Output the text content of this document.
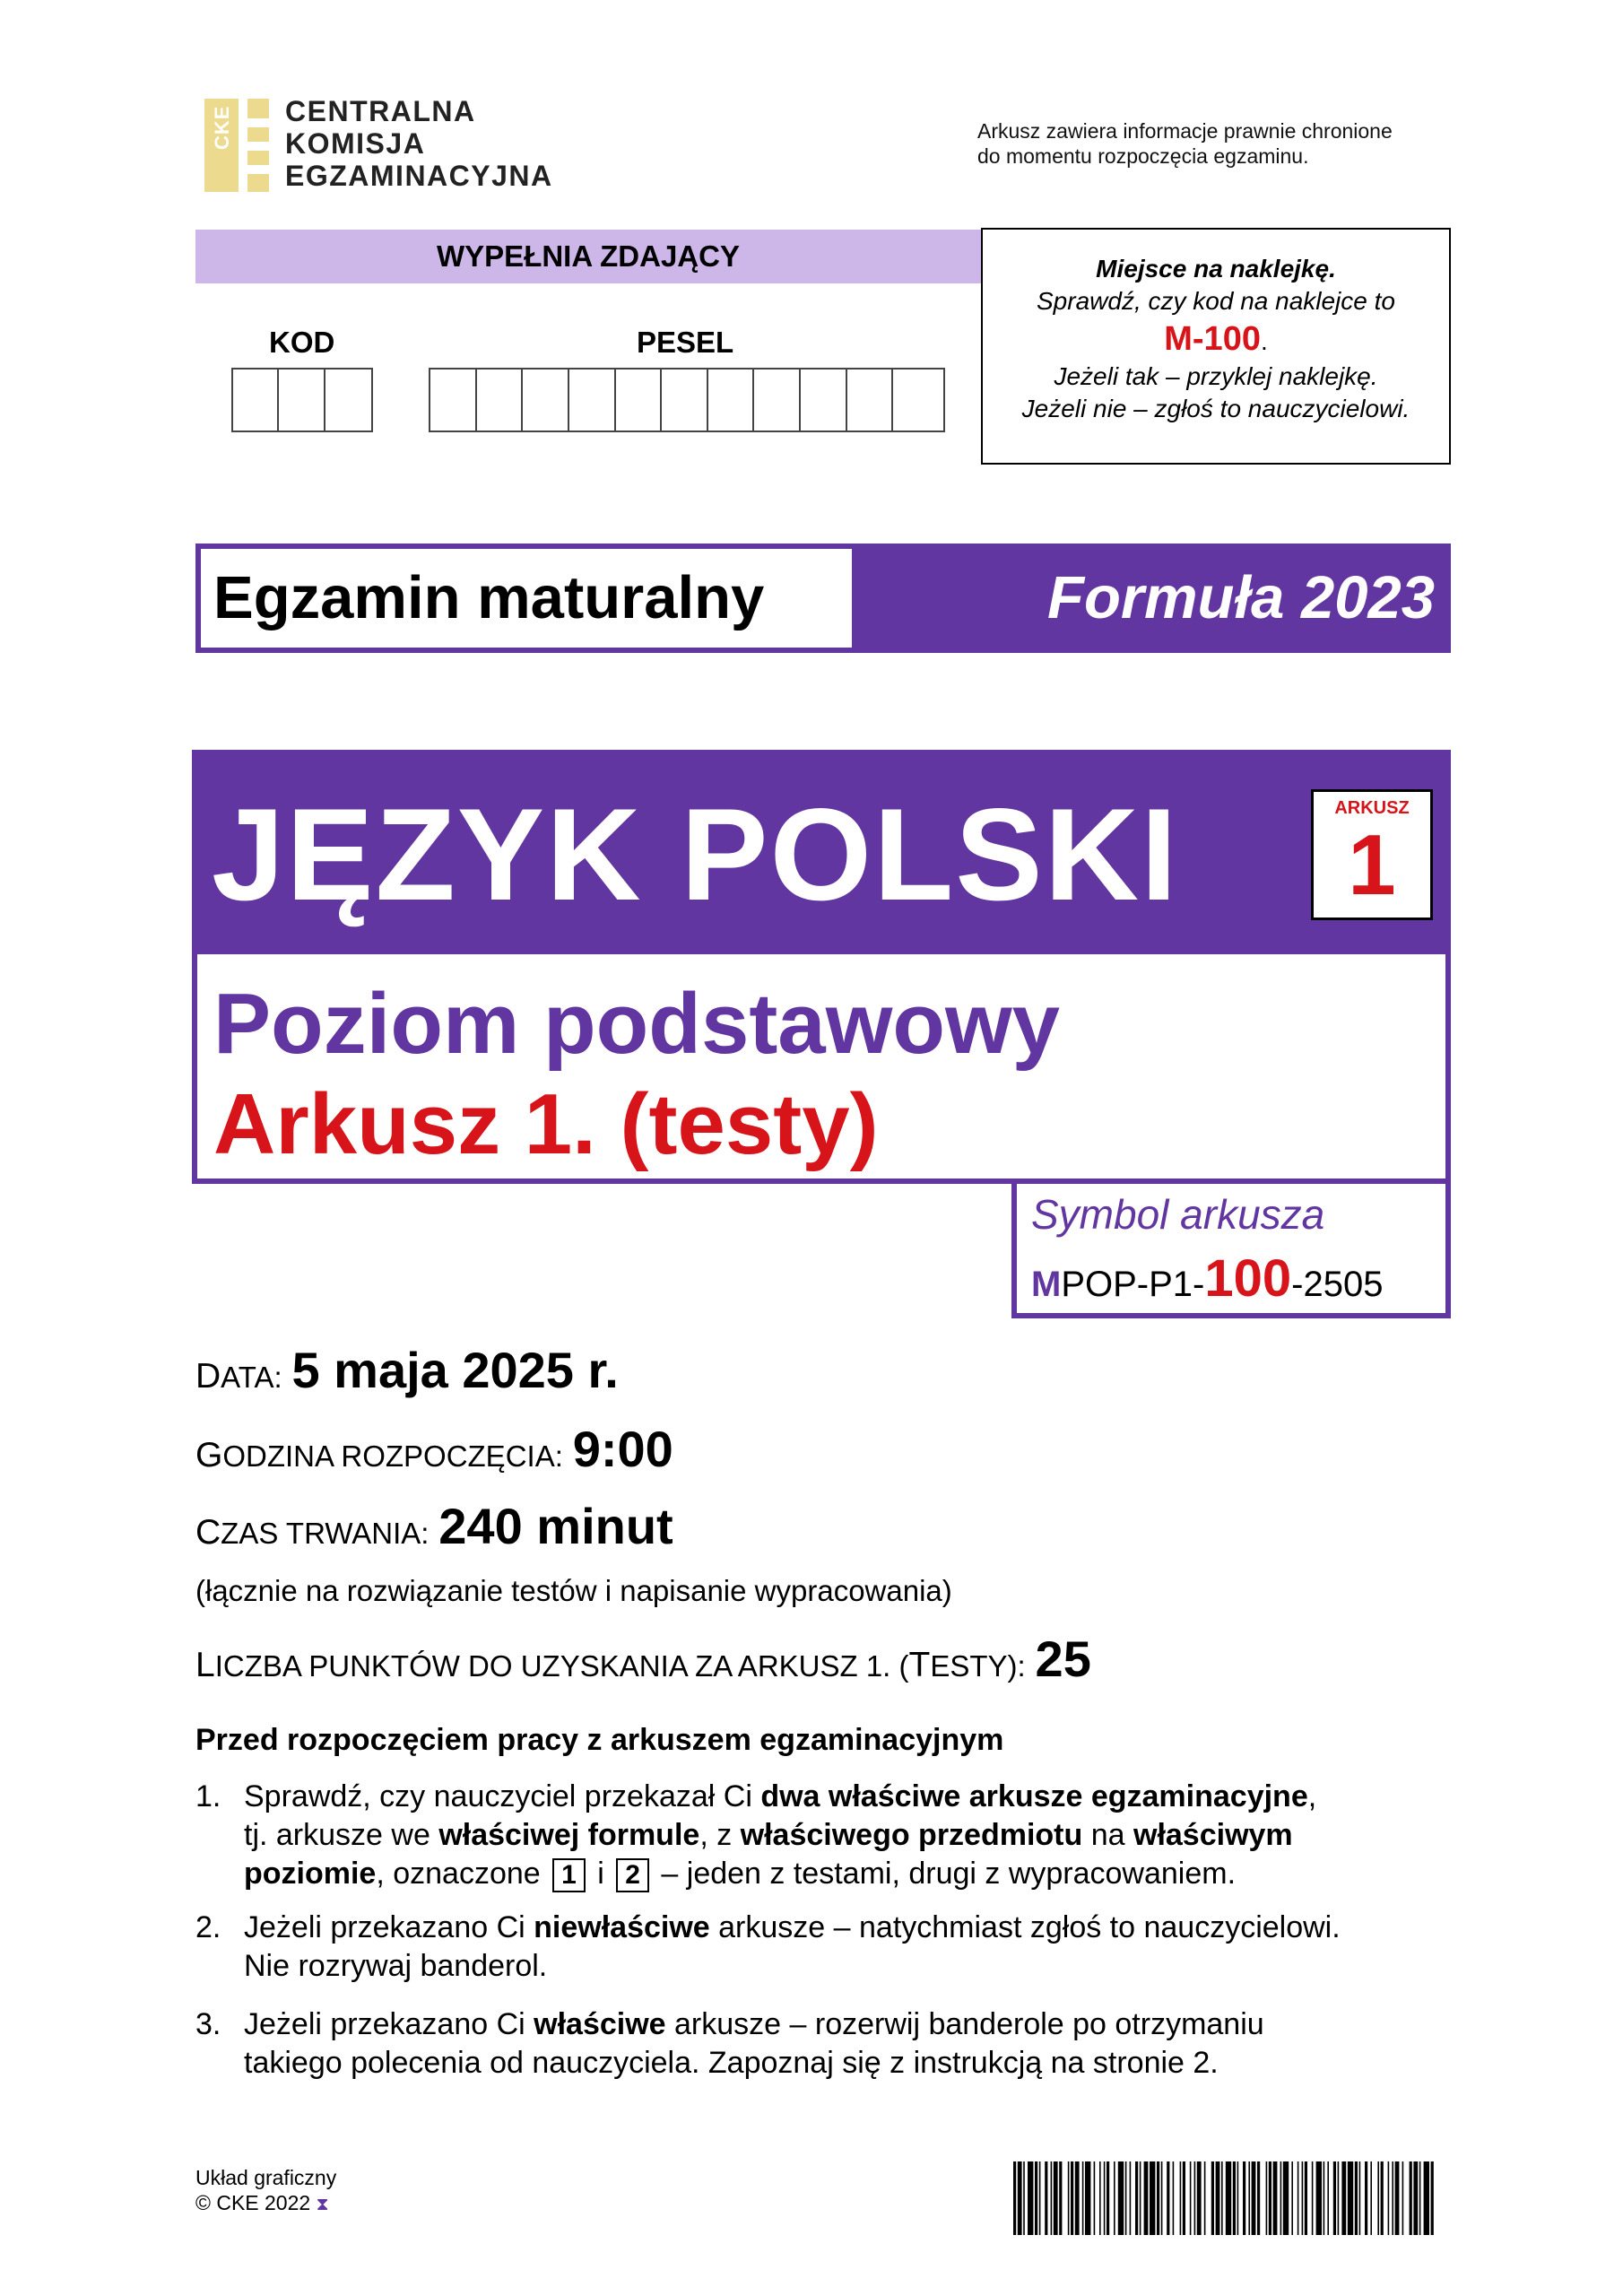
CKE CENTRALNA
KOMISJA
EGZAMINACYJNA
Arkusz zawiera informacje prawnie chronione
do momentu rozpoczęcia egzaminu.
WYPEŁNIA ZDAJĄCY
KOD	PESEL
Miejsce na naklejkę.
Sprawdź, czy kod na naklejce to
M-100.
Jeżeli tak – przyklej naklejkę.
Jeżeli nie – zgłoś to nauczycielowi.
Egzamin maturalny	Formuła 2023
JĘZYK POLSKI	ARKUSZ
1
Poziom podstawowy
Arkusz 1. (testy)
Symbol arkusza
MPOP-P1-100-2505
DATA: 5 maja 2025 r.
GODZINA ROZPOCZĘCIA: 9:00
CZAS TRWANIA: 240 minut
(łącznie na rozwiązanie testów i napisanie wypracowania)
LICZBA PUNKTÓW DO UZYSKANIA ZA ARKUSZ 1. (TESTY): 25
Przed rozpoczęciem pracy z arkuszem egzaminacyjnym
1. Sprawdź, czy nauczyciel przekazał Ci dwa właściwe arkusze egzaminacyjne,
tj. arkusze we właściwej formule, z właściwego przedmiotu na właściwym
poziomie, oznaczone 1 i 2 – jeden z testami, drugi z wypracowaniem.
2. Jeżeli przekazano Ci niewłaściwe arkusze – natychmiast zgłoś to nauczycielowi.
Nie rozrywaj banderol.
3. Jeżeli przekazano Ci właściwe arkusze – rozerwij banderole po otrzymaniu
takiego polecenia od nauczyciela. Zapoznaj się z instrukcją na stronie 2.
Układ graficzny
© CKE 2022 ⧗
